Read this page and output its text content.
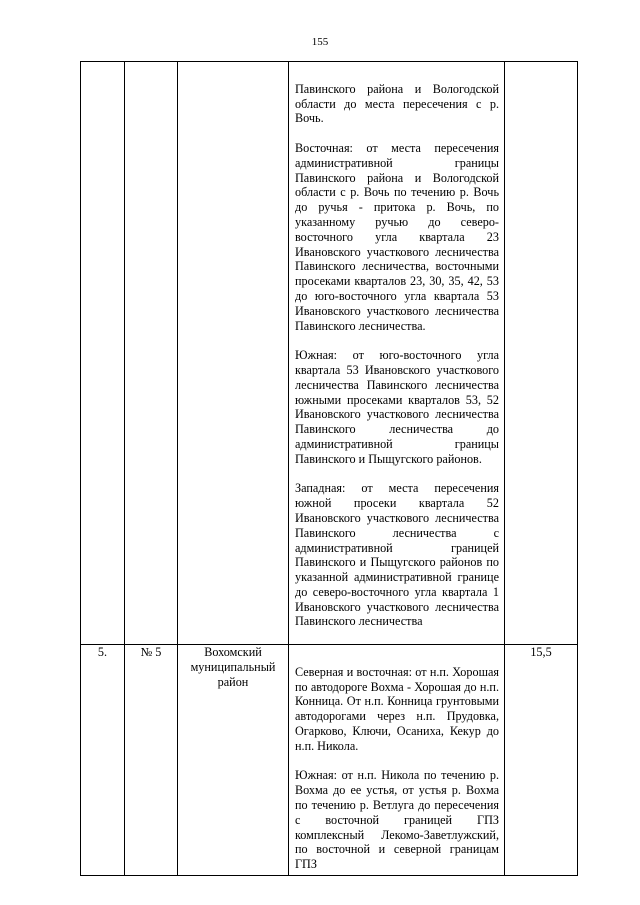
155

			Павинского района и Вологодской области до места пересечения с р. Вочь.

Восточная: от места пересечения административной границы Павинского района и Вологодской области с р. Вочь по течению р. Вочь до ручья - притока р. Вочь, по указанному ручью до северо-восточного угла квартала 23 Ивановского участкового лесничества Павинского лесничества, восточными просеками кварталов 23, 30, 35, 42, 53 до юго-восточного угла квартала 53 Ивановского участкового лесничества Павинского лесничества.

Южная: от юго-восточного угла квартала 53 Ивановского участкового лесничества Павинского лесничества южными просеками кварталов 53, 52 Ивановского участкового лесничества Павинского лесничества до административной границы Павинского и Пыщугского районов.

Западная: от места пересечения южной просеки квартала 52 Ивановского участкового лесничества Павинского лесничества с административной границей Павинского и Пыщугского районов по указанной административной границе до северо-восточного угла квартала 1 Ивановского участкового лесничества Павинского лесничества	

5.	№ 5	Вохомский муниципальный район	Северная и восточная: от н.п. Хорошая по автодороге Вохма - Хорошая до н.п. Конница. От н.п. Конница грунтовыми автодорогами через н.п. Прудовка, Огарково, Ключи, Осаниха, Кекур до н.п. Никола.

Южная: от н.п. Никола по течению р. Вохма до ее устья, от устья р. Вохма по течению р. Ветлуга до пересечения с восточной границей ГПЗ комплексный Лекомо-Заветлужский, по восточной и северной границам ГПЗ	15,5
